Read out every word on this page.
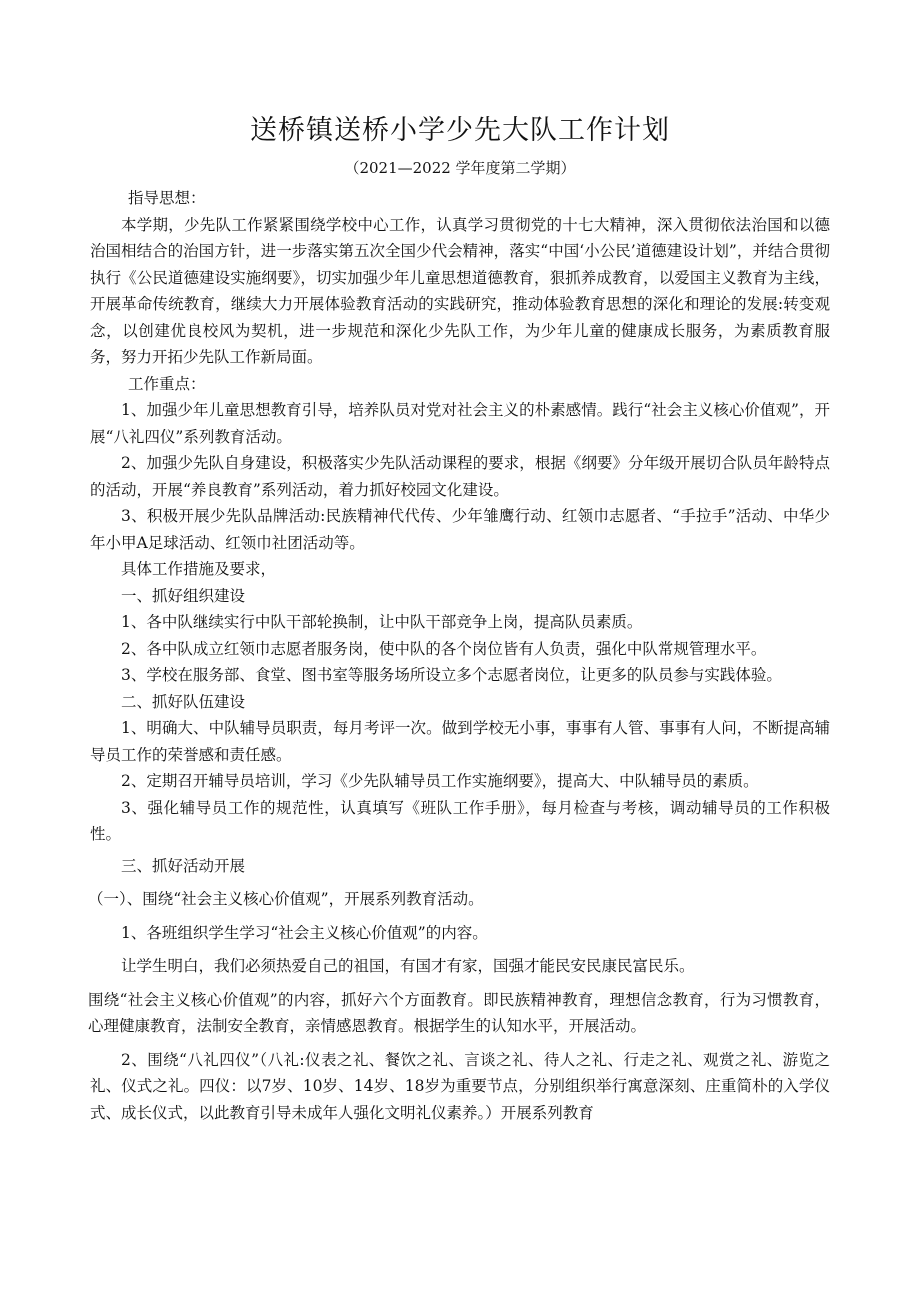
送桥镇送桥小学少先大队工作计划
（2021—2022 学年度第二学期）

指导思想：

本学期，少先队工作紧紧围绕学校中心工作，认真学习贯彻党的十七大精神，深入贯彻依法治国和以德治国相结合的治国方针，进一步落实第五次全国少代会精神，落实“中国‘小公民’道德建设计划”，并结合贯彻执行《公民道德建设实施纲要》，切实加强少年儿童思想道德教育，狠抓养成教育，以爱国主义教育为主线，开展革命传统教育，继续大力开展体验教育活动的实践研究，推动体验教育思想的深化和理论的发展:转变观念，以创建优良校风为契机，进一步规范和深化少先队工作，为少年儿童的健康成长服务，为素质教育服务，努力开拓少先队工作新局面。

工作重点：

1、加强少年儿童思想教育引导，培养队员对党对社会主义的朴素感情。践行“社会主义核心价值观”，开展“八礼四仪”系列教育活动。

2、加强少先队自身建设，积极落实少先队活动课程的要求，根据《纲要》分年级开展切合队员年龄特点的活动，开展“养良教育”系列活动，着力抓好校园文化建设。

3、积极开展少先队品牌活动:民族精神代代传、少年雏鹰行动、红领巾志愿者、“手拉手”活动、中华少年小甲A足球活动、红领巾社团活动等。

具体工作措施及要求，

一、抓好组织建设

1、各中队继续实行中队干部轮换制，让中队干部竞争上岗，提高队员素质。

2、各中队成立红领巾志愿者服务岗，使中队的各个岗位皆有人负责，强化中队常规管理水平。

3、学校在服务部、食堂、图书室等服务场所设立多个志愿者岗位，让更多的队员参与实践体验。

二、抓好队伍建设

1、明确大、中队辅导员职责，每月考评一次。做到学校无小事，事事有人管、事事有人问，不断提高辅导员工作的荣誉感和责任感。

2、定期召开辅导员培训，学习《少先队辅导员工作实施纲要》，提高大、中队辅导员的素质。

3、强化辅导员工作的规范性，认真填写《班队工作手册》，每月检查与考核，调动辅导员的工作积极性。

三、抓好活动开展

（一）、围绕“社会主义核心价值观”，开展系列教育活动。

1、各班组织学生学习“社会主义核心价值观”的内容。

让学生明白，我们必须热爱自己的祖国，有国才有家，国强才能民安民康民富民乐。

围绕“社会主义核心价值观”的内容，抓好六个方面教育。即民族精神教育，理想信念教育，行为习惯教育，心理健康教育，法制安全教育，亲情感恩教育。根据学生的认知水平，开展活动。

2、围绕“八礼四仪”（八礼:仪表之礼、餐饮之礼、言谈之礼、待人之礼、行走之礼、观赏之礼、游览之礼、仪式之礼。四仪：以7岁、10岁、14岁、18岁为重要节点，分别组织举行寓意深刻、庄重简朴的入学仪式、成长仪式，以此教育引导未成年人强化文明礼仪素养。）开展系列教育
